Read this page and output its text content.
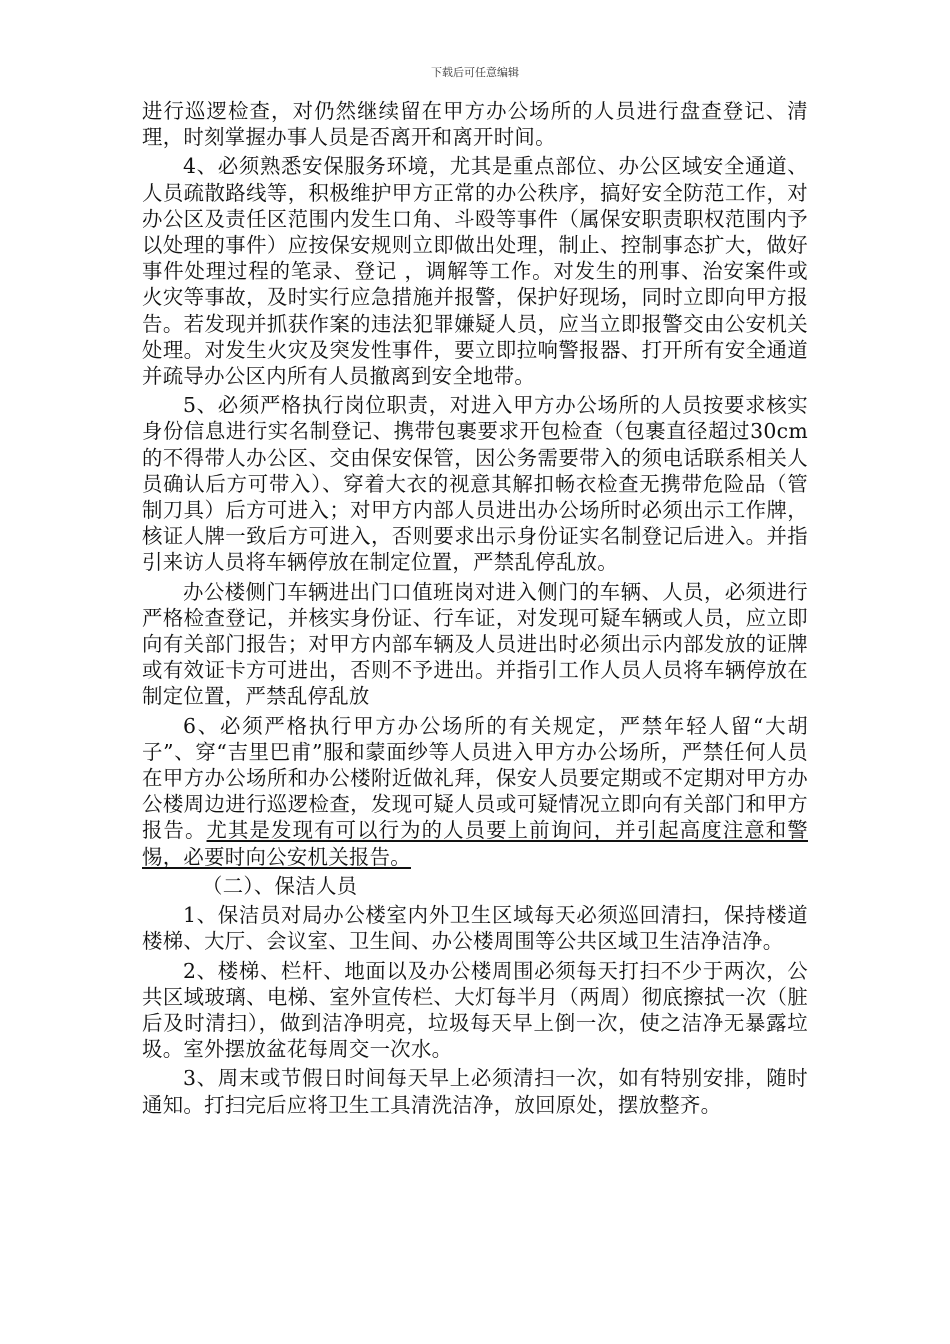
下载后可任意编辑

进行巡逻检查，对仍然继续留在甲方办公场所的人员进行盘查登记、清理，时刻掌握办事人员是否离开和离开时间。

4、必须熟悉安保服务环境，尤其是重点部位、办公区域安全通道、人员疏散路线等，积极维护甲方正常的办公秩序，搞好安全防范工作，对办公区及责任区范围内发生口角、斗殴等事件（属保安职责职权范围内予以处理的事件）应按保安规则立即做出处理，制止、控制事态扩大，做好事件处理过程的笔录、登记 ，调解等工作。对发生的刑事、治安案件或火灾等事故，及时实行应急措施并报警，保护好现场，同时立即向甲方报告。若发现并抓获作案的违法犯罪嫌疑人员，应当立即报警交由公安机关处理。对发生火灾及突发性事件，要立即拉响警报器、打开所有安全通道并疏导办公区内所有人员撤离到安全地带。

5、必须严格执行岗位职责，对进入甲方办公场所的人员按要求核实身份信息进行实名制登记、携带包裹要求开包检查（包裹直径超过30cm的不得带人办公区、交由保安保管，因公务需要带入的须电话联系相关人员确认后方可带入）、穿着大衣的视意其解扣畅衣检查无携带危险品（管制刀具）后方可进入；对甲方内部人员进出办公场所时必须出示工作牌，核证人牌一致后方可进入，否则要求出示身份证实名制登记后进入。并指引来访人员将车辆停放在制定位置，严禁乱停乱放。

办公楼侧门车辆进出门口值班岗对进入侧门的车辆、人员，必须进行严格检查登记，并核实身份证、行车证，对发现可疑车辆或人员，应立即向有关部门报告；对甲方内部车辆及人员进出时必须出示内部发放的证牌或有效证卡方可进出，否则不予进出。并指引工作人员人员将车辆停放在制定位置，严禁乱停乱放

6、必须严格执行甲方办公场所的有关规定，严禁年轻人留“大胡子”、穿“吉里巴甫”服和蒙面纱等人员进入甲方办公场所，严禁任何人员在甲方办公场所和办公楼附近做礼拜，保安人员要定期或不定期对甲方办公楼周边进行巡逻检查，发现可疑人员或可疑情况立即向有关部门和甲方报告。尤其是发现有可以行为的人员要上前询问，并引起高度注意和警惕，必要时向公安机关报告。

（二）、保洁人员

1、保洁员对局办公楼室内外卫生区域每天必须巡回清扫，保持楼道楼梯、大厅、会议室、卫生间、办公楼周围等公共区域卫生洁净洁净。

2、楼梯、栏杆、地面以及办公楼周围必须每天打扫不少于两次，公共区域玻璃、电梯、室外宣传栏、大灯每半月（两周）彻底擦拭一次（脏后及时清扫），做到洁净明亮，垃圾每天早上倒一次，使之洁净无暴露垃圾。室外摆放盆花每周交一次水。

3、周末或节假日时间每天早上必须清扫一次，如有特别安排，随时通知。打扫完后应将卫生工具清洗洁净，放回原处，摆放整齐。
